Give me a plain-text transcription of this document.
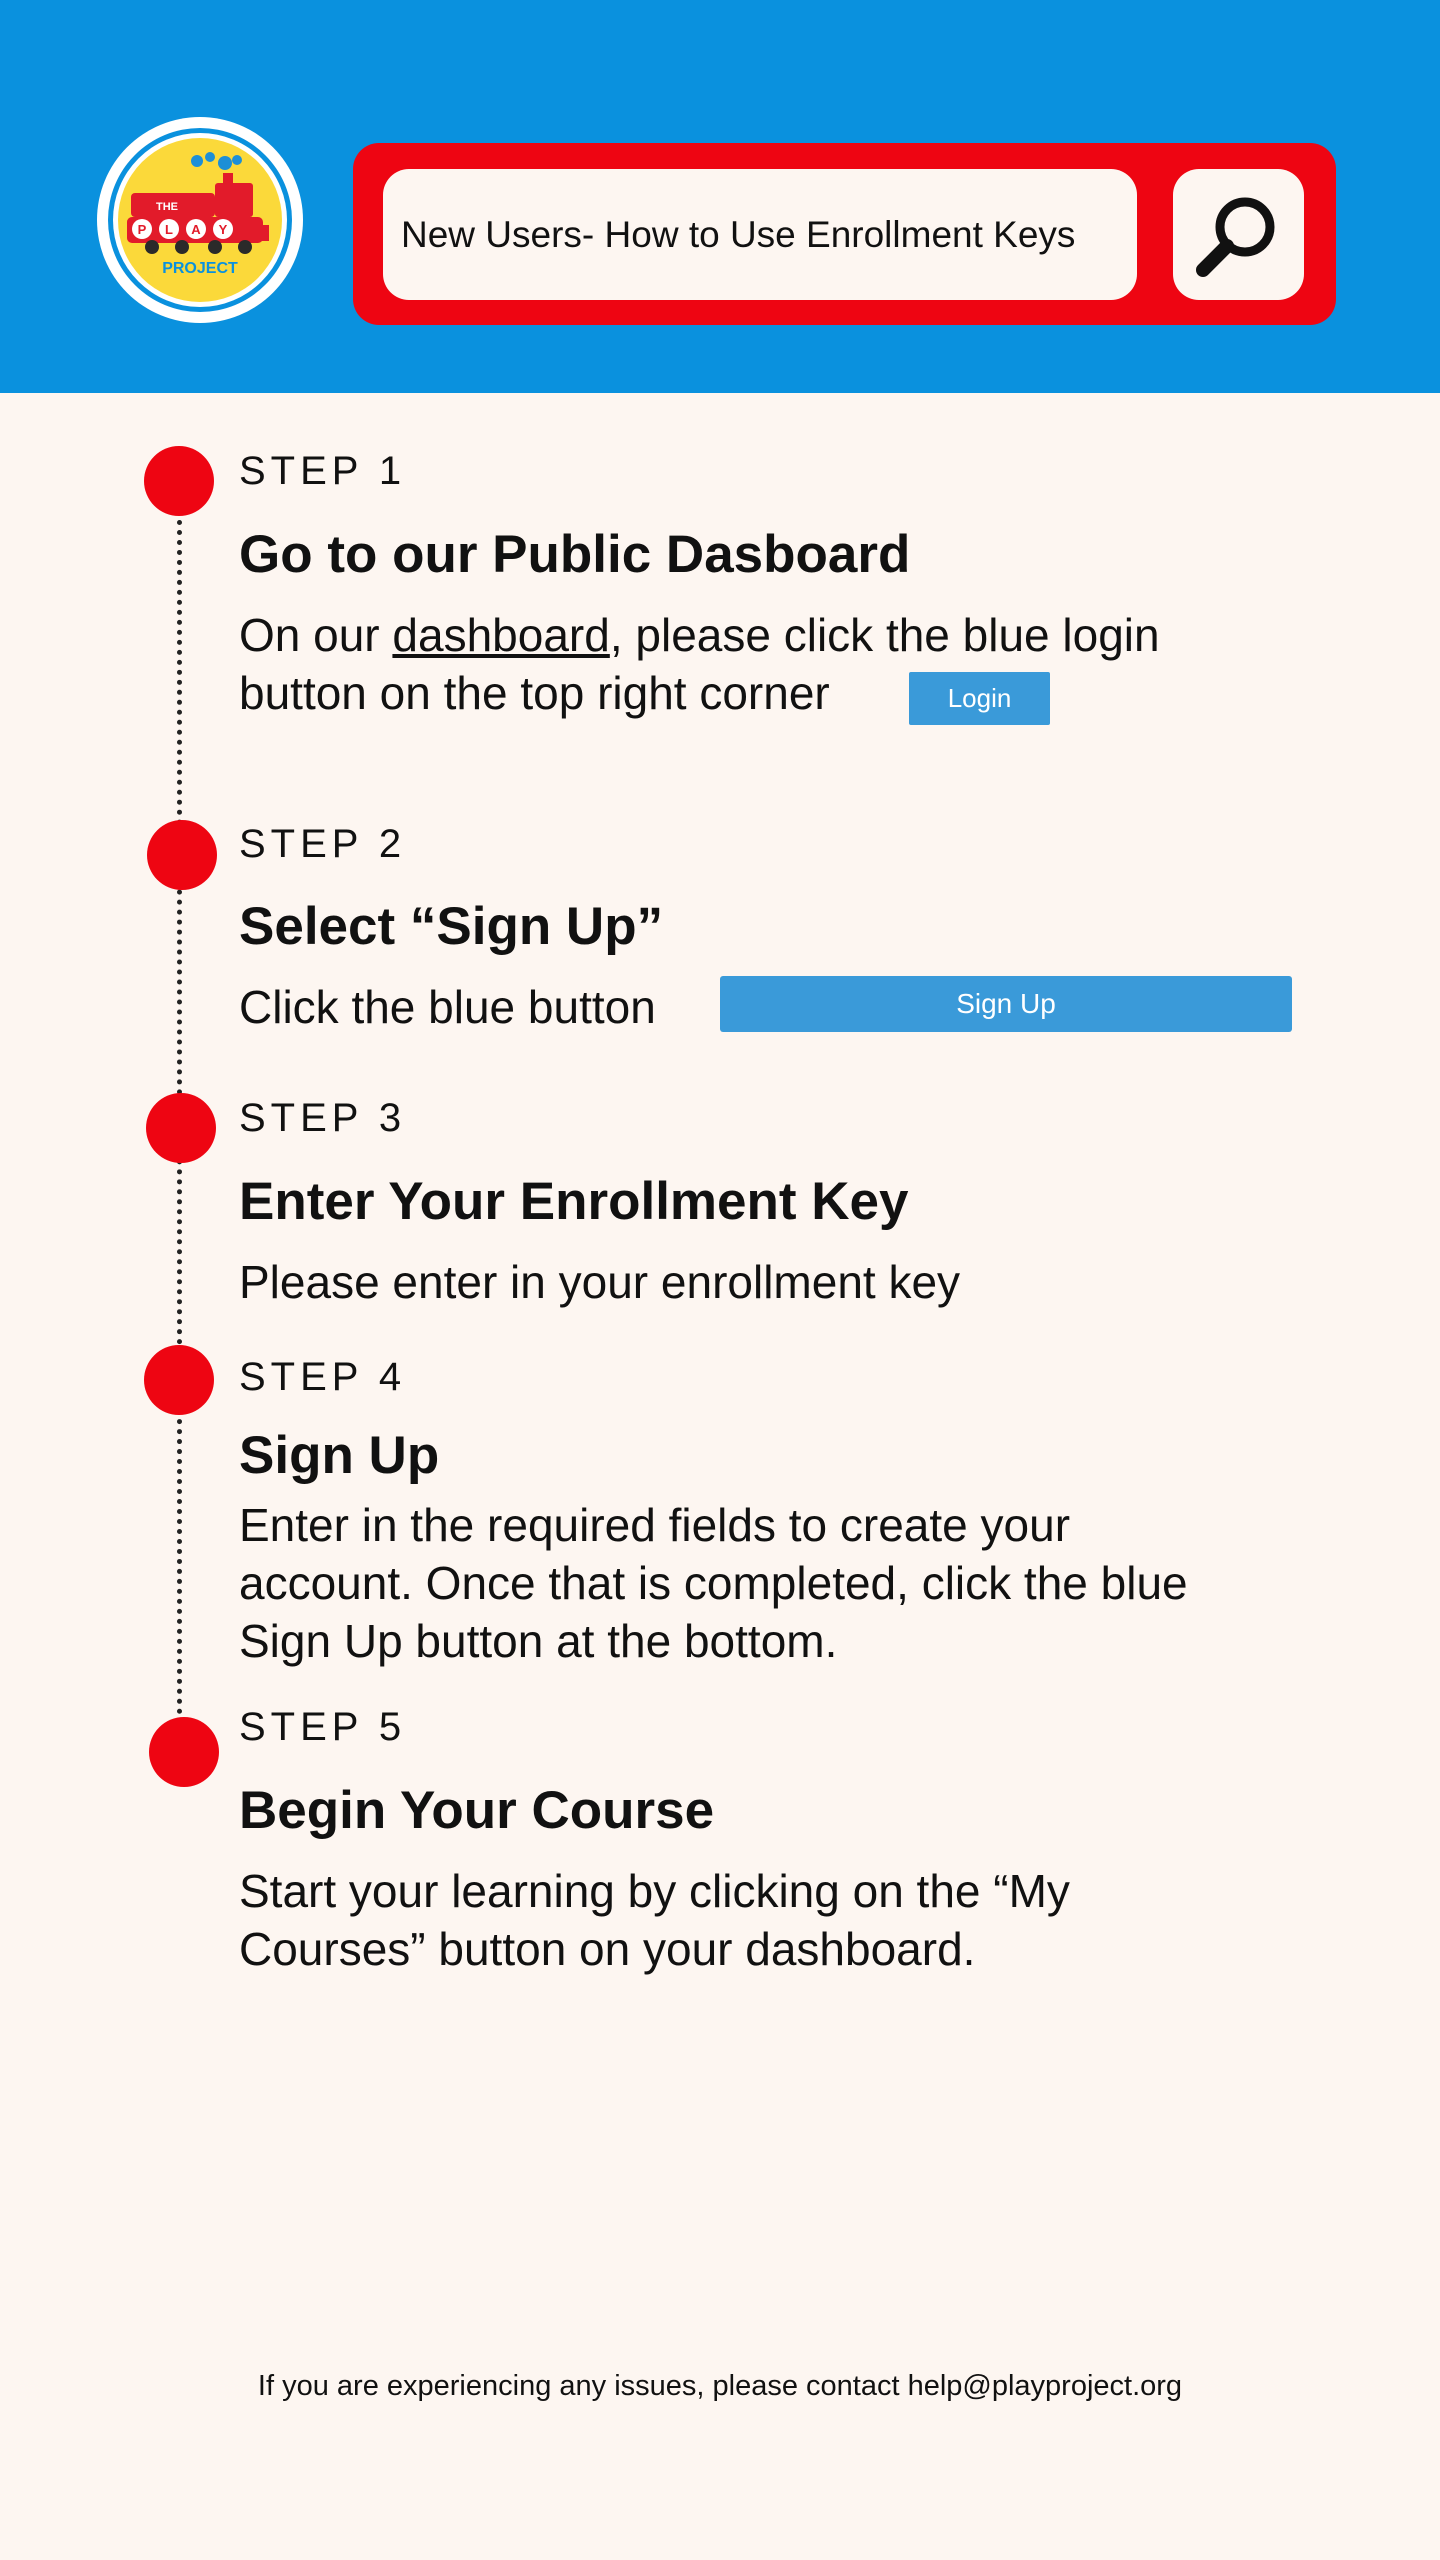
P L A Y
THE
PROJECT
New Users- How to Use Enrollment Keys
STEP 1
Go to our Public Dasboard
On our dashboard, please click the blue login button on the top right corner	Login
STEP 2
Select “Sign Up”
Click the blue button	Sign Up
STEP 3
Enter Your Enrollment Key
Please enter in your enrollment key
STEP 4
Sign Up
Enter in the required fields to create your account. Once that is completed, click the blue Sign Up button at the bottom.
STEP 5
Begin Your Course
Start your learning by clicking on the “My Courses” button on your dashboard.
If you are experiencing any issues, please contact help@playproject.org
